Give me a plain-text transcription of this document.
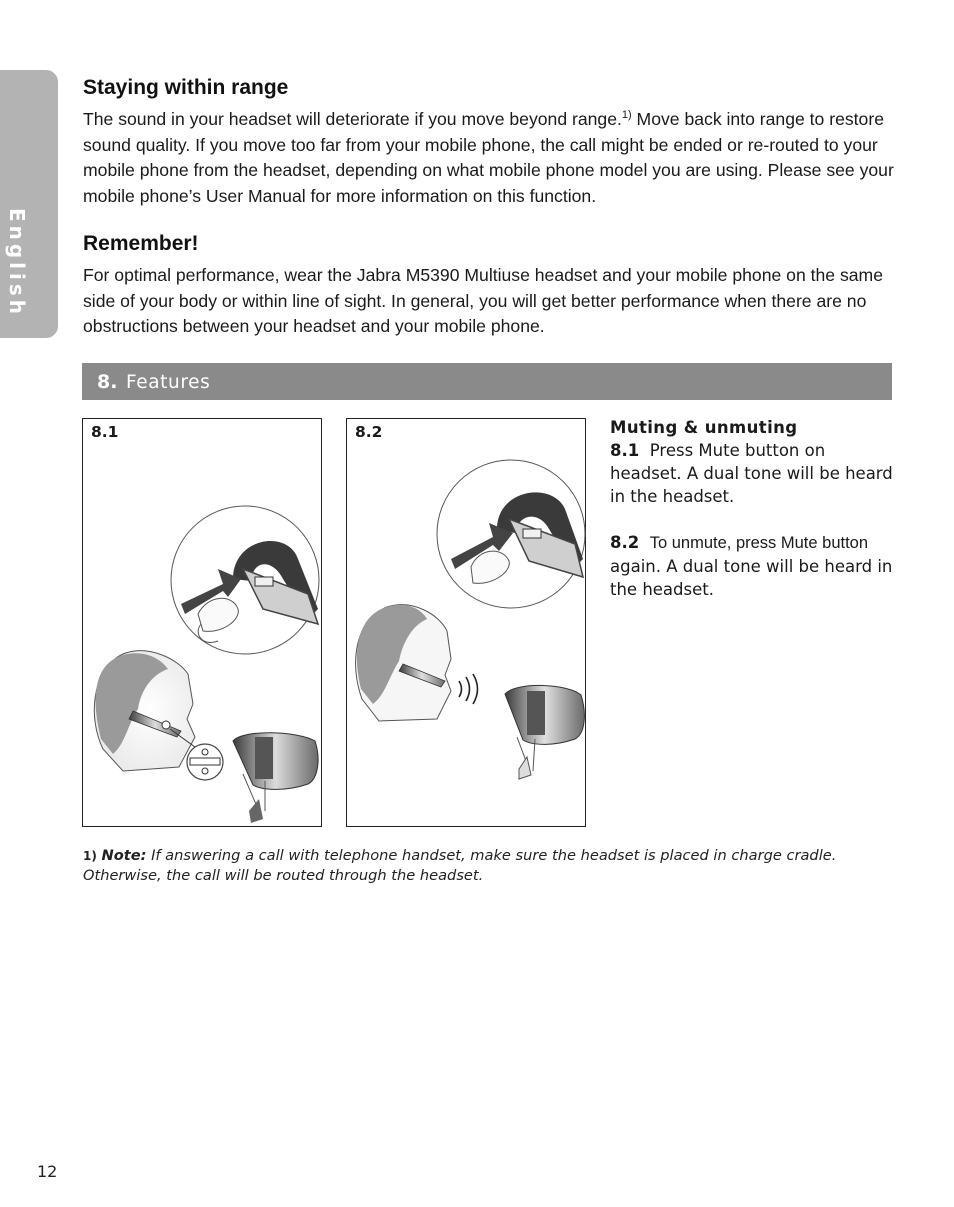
English
Staying within range

The sound in your headset will deteriorate if you move beyond range.$^{1)}$ Move back into range to restore sound quality. If you move too far from your mobile phone, the call might be ended or re-routed to your mobile phone from the headset, depending on what mobile phone model you are using. Please see your mobile phone’s User Manual for more information on this function.

Remember!

For optimal performance, wear the Jabra M5390 Multiuse headset and your mobile phone on the same side of your body or within line of sight. In general, you will get better performance when there are no obstructions between your headset and your mobile phone.

8. Features
8.1	8.2	Muting & unmuting
8.1 Press Mute button on headset. A dual tone will be heard in the headset.
8.2 To unmute, press Mute button again. A dual tone will be heard in the headset.
1) Note: If answering a call with telephone handset, make sure the headset is placed in charge cradle. Otherwise, the call will be routed through the headset.
12
